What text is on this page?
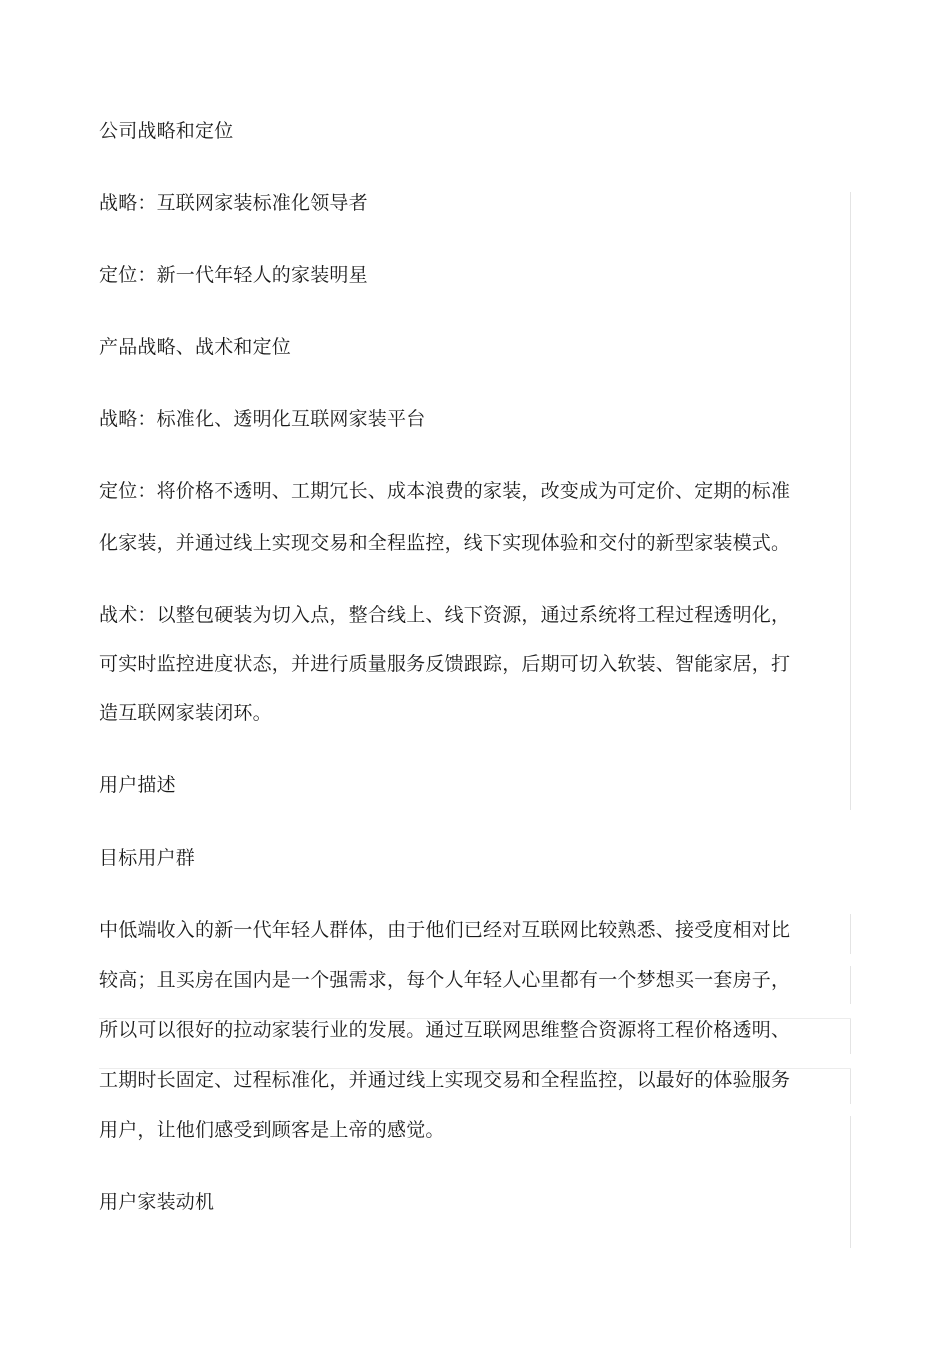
公司战略和定位
战略：互联网家装标准化领导者
定位：新一代年轻人的家装明星
产品战略、战术和定位
战略：标准化、透明化互联网家装平台
定位：将价格不透明、工期冗长、成本浪费的家装，改变成为可定价、定期的标准
化家装，并通过线上实现交易和全程监控，线下实现体验和交付的新型家装模式。
战术：以整包硬装为切入点，整合线上、线下资源，通过系统将工程过程透明化，
可实时监控进度状态，并进行质量服务反馈跟踪，后期可切入软装、智能家居，打
造互联网家装闭环。
用户描述
目标用户群
中低端收入的新一代年轻人群体，由于他们已经对互联网比较熟悉、接受度相对比
较高；且买房在国内是一个强需求，每个人年轻人心里都有一个梦想买一套房子，
所以可以很好的拉动家装行业的发展。通过互联网思维整合资源将工程价格透明、
工期时长固定、过程标准化，并通过线上实现交易和全程监控，以最好的体验服务
用户，让他们感受到顾客是上帝的感觉。
用户家装动机
